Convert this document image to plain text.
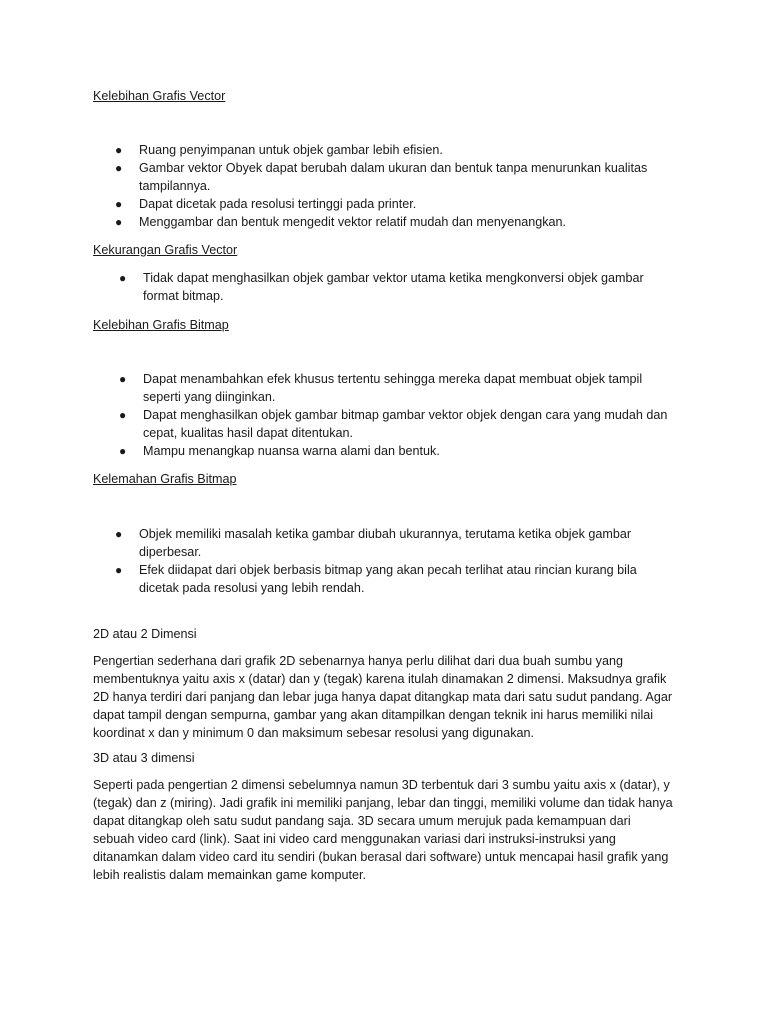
Kelebihan Grafis Vector
● Ruang penyimpanan untuk objek gambar lebih efisien.
● Gambar vektor Obyek dapat berubah dalam ukuran dan bentuk tanpa menurunkan kualitas tampilannya.
● Dapat dicetak pada resolusi tertinggi pada printer.
● Menggambar dan bentuk mengedit vektor relatif mudah dan menyenangkan.
Kekurangan Grafis Vector
● Tidak dapat menghasilkan objek gambar vektor utama ketika mengkonversi objek gambar format bitmap.
Kelebihan Grafis Bitmap
● Dapat menambahkan efek khusus tertentu sehingga mereka dapat membuat objek tampil seperti yang diinginkan.
● Dapat menghasilkan objek gambar bitmap gambar vektor objek dengan cara yang mudah dan cepat, kualitas hasil dapat ditentukan.
● Mampu menangkap nuansa warna alami dan bentuk.
Kelemahan Grafis Bitmap
● Objek memiliki masalah ketika gambar diubah ukurannya, terutama ketika objek gambar diperbesar.
● Efek diidapat dari objek berbasis bitmap yang akan pecah terlihat atau rincian kurang bila dicetak pada resolusi yang lebih rendah.
2D atau 2 Dimensi

Pengertian sederhana dari grafik 2D sebenarnya hanya perlu dilihat dari dua buah sumbu yang membentuknya yaitu axis x (datar) dan y (tegak) karena itulah dinamakan 2 dimensi. Maksudnya grafik 2D hanya terdiri dari panjang dan lebar juga hanya dapat ditangkap mata dari satu sudut pandang. Agar dapat tampil dengan sempurna, gambar yang akan ditampilkan dengan teknik ini harus memiliki nilai koordinat x dan y minimum 0 dan maksimum sebesar resolusi yang digunakan.

3D atau 3 dimensi

Seperti pada pengertian 2 dimensi sebelumnya namun 3D terbentuk dari 3 sumbu yaitu axis x (datar), y (tegak) dan z (miring). Jadi grafik ini memiliki panjang, lebar dan tinggi, memiliki volume dan tidak hanya dapat ditangkap oleh satu sudut pandang saja. 3D secara umum merujuk pada kemampuan dari sebuah video card (link). Saat ini video card menggunakan variasi dari instruksi-instruksi yang ditanamkan dalam video card itu sendiri (bukan berasal dari software) untuk mencapai hasil grafik yang lebih realistis dalam memainkan game komputer.
